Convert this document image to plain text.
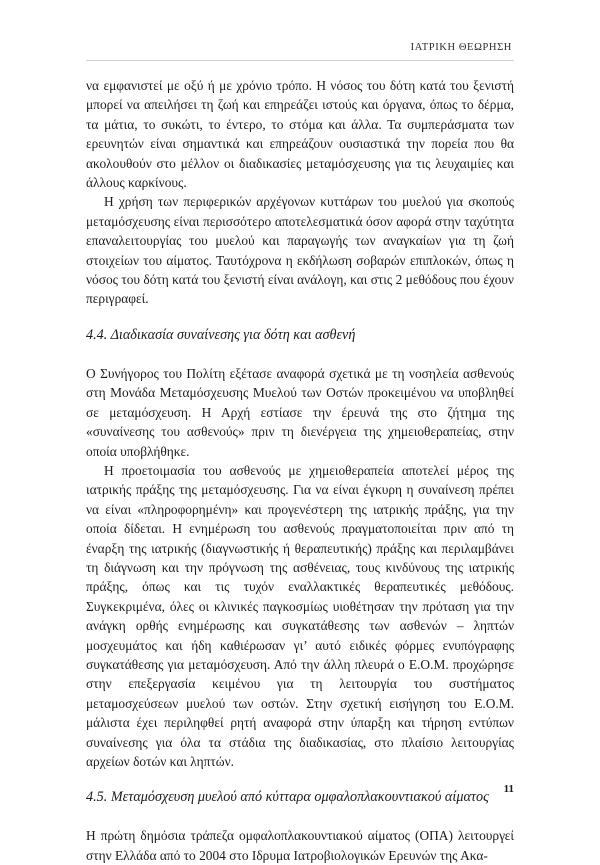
ΙΑΤΡΙΚΗ ΘΕΩΡΗΣΗ

να εμφανιστεί με οξύ ή με χρόνιο τρόπο. Η νόσος του δότη κατά του ξενιστή μπορεί να απειλήσει τη ζωή και επηρεάζει ιστούς και όργανα, όπως το δέρμα, τα μάτια, το συκώτι, το έντερο, το στόμα και άλλα. Τα συμπεράσματα των ερευνητών είναι σημαντικά και επηρεάζουν ουσιαστικά την πορεία που θα ακολουθούν στο μέλλον οι διαδικασίες μεταμόσχευσης για τις λευχαιμίες και άλλους καρκίνους.

Η χρήση των περιφερικών αρχέγονων κυττάρων του μυελού για σκοπούς μεταμόσχευσης είναι περισσότερο αποτελεσματικά όσον αφορά στην ταχύτητα επαναλειτουργίας του μυελού και παραγωγής των αναγκαίων για τη ζωή στοιχείων του αίματος. Ταυτόχρονα η εκδήλωση σοβαρών επιπλοκών, όπως η νόσος του δότη κατά του ξενιστή είναι ανάλογη, και στις 2 μεθόδους που έχουν περιγραφεί.

4.4. Διαδικασία συναίνεσης για δότη και ασθενή

Ο Συνήγορος του Πολίτη εξέτασε αναφορά σχετικά με τη νοσηλεία ασθενούς στη Μονάδα Μεταμόσχευσης Μυελού των Οστών προκειμένου να υποβληθεί σε μεταμόσχευση. Η Αρχή εστίασε την έρευνά της στο ζήτημα της «συναίνεσης του ασθενούς» πριν τη διενέργεια της χημειοθεραπείας, στην οποία υποβλήθηκε.

Η προετοιμασία του ασθενούς με χημειοθεραπεία αποτελεί μέρος της ιατρικής πράξης της μεταμόσχευσης. Για να είναι έγκυρη η συναίνεση πρέπει να είναι «πληροφορημένη» και προγενέστερη της ιατρικής πράξης, για την οποία δίδεται. Η ενημέρωση του ασθενούς πραγματοποιείται πριν από τη έναρξη της ιατρικής (διαγνωστικής ή θεραπευτικής) πράξης και περιλαμβάνει τη διάγνωση και την πρόγνωση της ασθένειας, τους κινδύνους της ιατρικής πράξης, όπως και τις τυχόν εναλλακτικές θεραπευτικές μεθόδους. Συγκεκριμένα, όλες οι κλινικές παγκοσμίως υιοθέτησαν την πρόταση για την ανάγκη ορθής ενημέρωσης και συγκατάθεσης των ασθενών – ληπτών μοσχευμάτος και ήδη καθιέρωσαν γι’ αυτό ειδικές φόρμες ενυπόγραφης συγκατάθεσης για μεταμόσχευση. Από την άλλη πλευρά ο Ε.Ο.Μ. προχώρησε στην επεξεργασία κειμένου για τη λειτουργία του συστήματος μεταμοσχεύσεων μυελού των οστών. Στην σχετική εισήγηση του Ε.Ο.Μ. μάλιστα έχει περιληφθεί ρητή αναφορά στην ύπαρξη και τήρηση εντύπων συναίνεσης για όλα τα στάδια της διαδικασίας, στο πλαίσιο λειτουργίας αρχείων δοτών και ληπτών.

4.5. Μεταμόσχευση μυελού από κύτταρα ομφαλοπλακουντιακού αίματος

Η πρώτη δημόσια τράπεζα ομφαλοπλακουντιακού αίματος (ΟΠΑ) λειτουργεί στην Ελλάδα από το 2004 στο Ιδρυμα Ιατροβιολογικών Ερευνών της Ακα-

11
